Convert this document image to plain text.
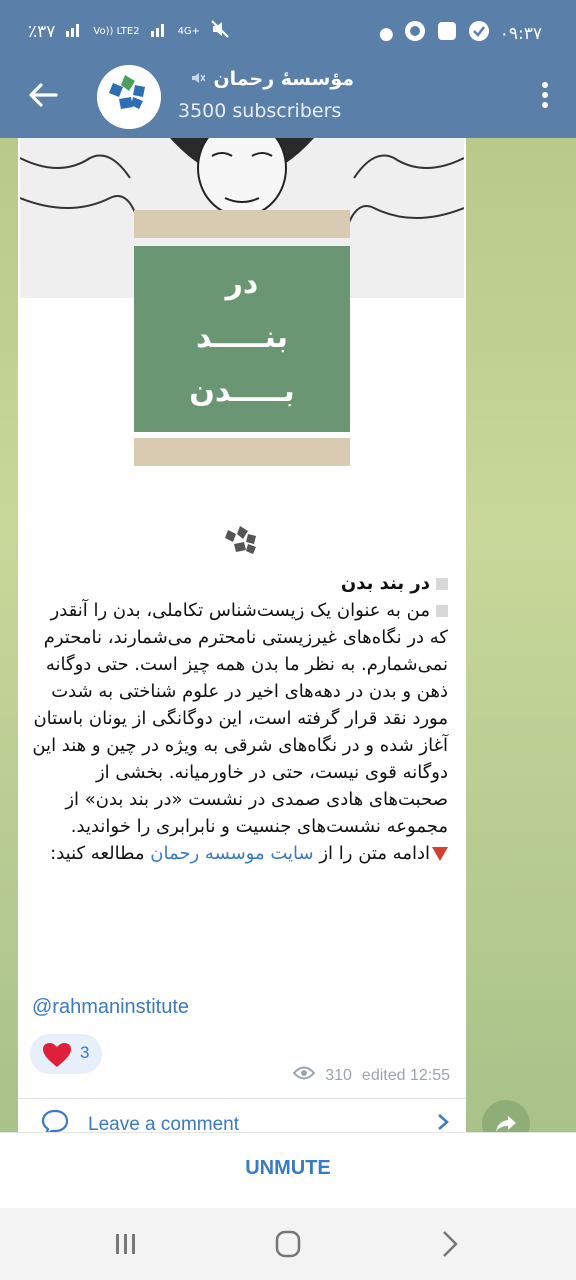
٪۳۷	Vo)) LTE2	4G+	●	۰۹:۳۷
مؤسسۀ رحمان
3500 subscribers
در
بنـــــد
بـــــدن

در بند بدن

من به عنوان یک زیست‌شناس تکاملی، بدن را آنقدر که در نگاه‌های غیرزیستی نامحترم می‌شمارند، نامحترم نمی‌شمارم. به نظر ما بدن همه چیز است. حتی دوگانه ذهن و بدن در دهه‌های اخیر در علوم شناختی به شدت مورد نقد قرار گرفته است، این دوگانگی از یونان باستان آغاز شده و در نگاه‌های شرقی به ویژه در چین و هند این دوگانه قوی نیست، حتی در خاورمیانه. بخشی از صحبت‌های هادی صمدی در نشست «در بند بدن» از مجموعه نشست‌های جنسیت و نابرابری را خوانديد.

ادامه متن را از سایت موسسه رحمان مطالعه کنید:

@rahmaninstitute
3
310 edited 12:55
Leave a comment
UNMUTE
